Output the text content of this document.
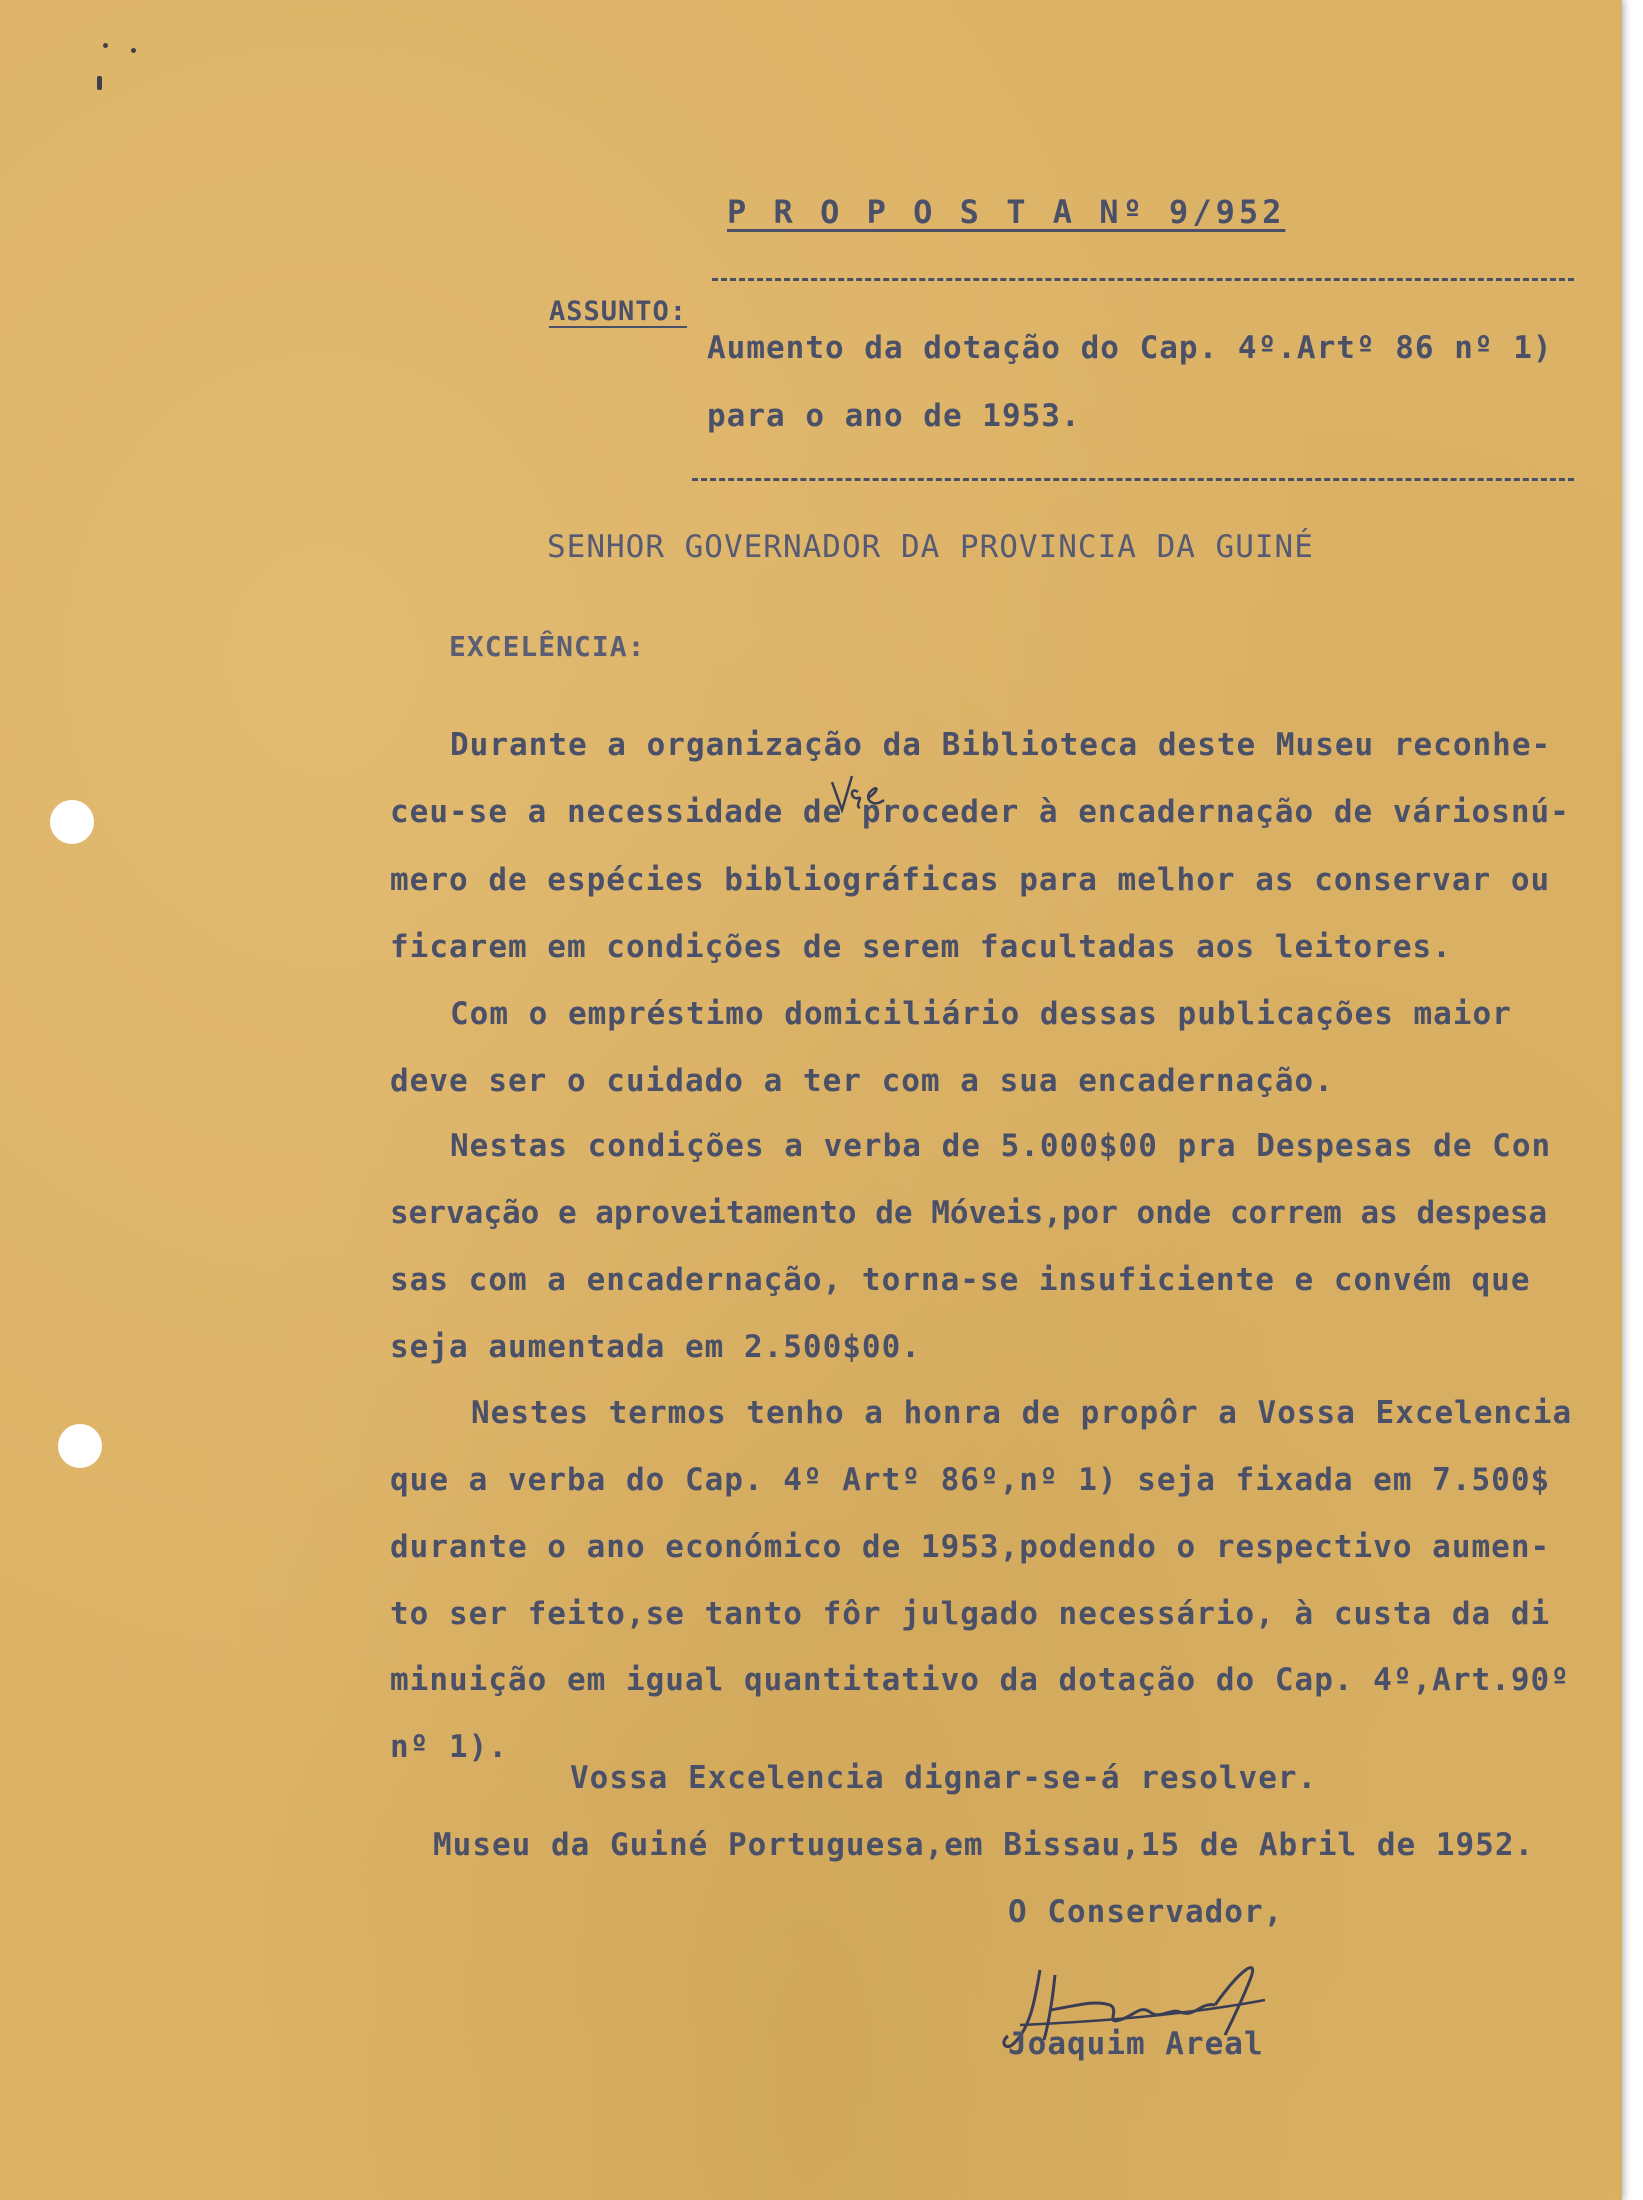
P R O P O S T A Nº 9/952
ASSUNTO:
Aumento da dotação do Cap. 4º.Artº 86 nº 1)
para o ano de 1953.
SENHOR GOVERNADOR DA PROVINCIA DA GUINÉ
EXCELÊNCIA:
Durante a organização da Biblioteca deste Museu reconhe-
ceu-se a necessidade de proceder à encadernação de váriosnú-
mero de espécies bibliográficas para melhor as conservar ou
ficarem em condições de serem facultadas aos leitores.
Com o empréstimo domiciliário dessas publicações maior
deve ser o cuidado a ter com a sua encadernação.
Nestas condições a verba de 5.000$00 pra Despesas de Con
servação e aproveitamento de Móveis,por onde correm as despesa
sas com a encadernação, torna-se insuficiente e convém que
seja aumentada em 2.500$00.
Nestes termos tenho a honra de propôr a Vossa Excelencia
que a verba do Cap. 4º Artº 86º,nº 1) seja fixada em 7.500$
durante o ano económico de 1953,podendo o respectivo aumen-
to ser feito,se tanto fôr julgado necessário, à custa da di
minuição em igual quantitativo da dotação do Cap. 4º,Art.90º
nº 1).
Vossa Excelencia dignar-se-á resolver.
Museu da Guiné Portuguesa,em Bissau,15 de Abril de 1952.
O Conservador,
Joaquim Areal
